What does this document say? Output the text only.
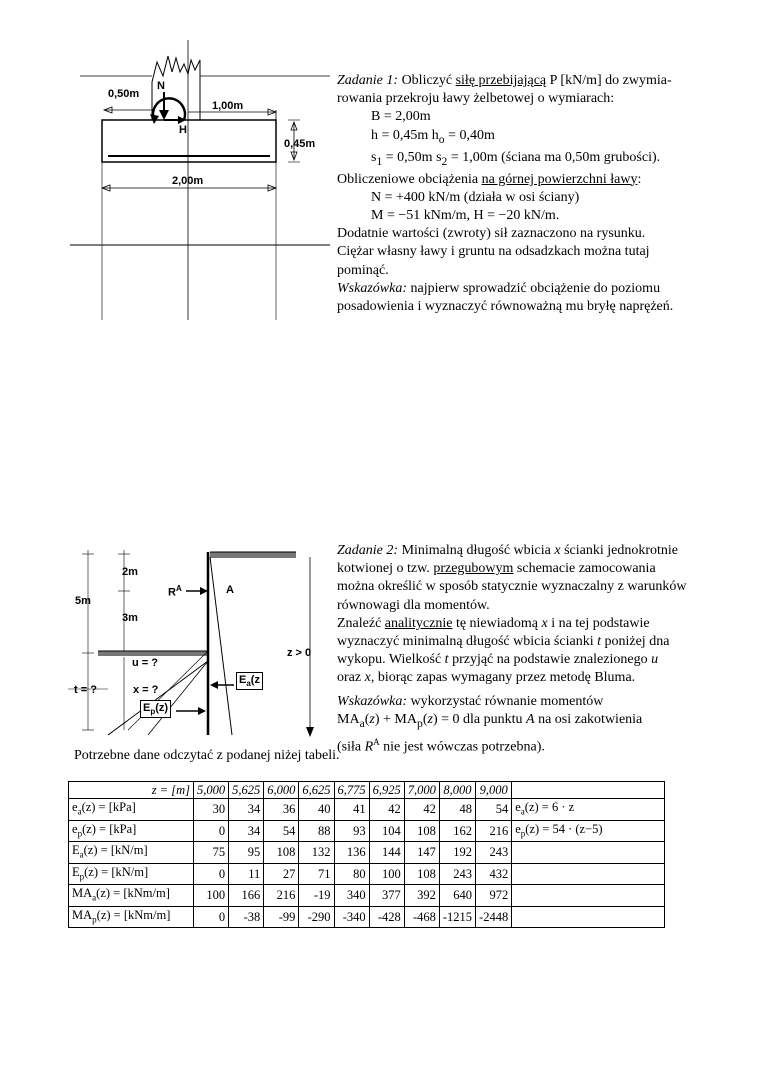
0,50m
1,00m
0,45m
2,00m
N
H
Zadanie 1: Obliczyć siłę przebijającą P [kN/m] do zwymia-
rowania przekroju ławy żelbetowej o wymiarach:
B = 2,00m
h = 0,45m $h_o = 0,40m$
$s_1 = 0,50m$ $s_2 = 1,00m$ (ściana ma 0,50m grubości).
Obliczeniowe obciążenia na górnej powierzchni ławy:
N = +400 kN/m (działa w osi ściany)
M = −51 kNm/m, H = −20 kN/m.
Dodatnie wartości (zwroty) sił zaznaczono na rysunku.
Ciężar własny ławy i gruntu na odsadzkach można tutaj
pominąć.
Wskazówka: najpierw sprowadzić obciążenie do poziomu
posadowienia i wyznaczyć równoważną mu bryłę naprężeń.
2m
5m
3m
$R^A$	A
z > 0
u = ?
t = ?	x = ?
$E_a(z$
$E_p(z)$
Zadanie 2: Minimalną długość wbicia x ścianki jednokrotnie
kotwionej o tzw. przegubowym schemacie zamocowania
można określić w sposób statycznie wyznaczalny z warunków
równowagi dla momentów.
Znaleźć analitycznie tę niewiadomą x i na tej podstawie
wyznaczyć minimalną długość wbicia ścianki t poniżej dna
wykopu. Wielkość t przyjąć na podstawie znalezionego u
oraz x, biorąc zapas wymagany przez metodę Bluma.
Wskazówka: wykorzystać równanie momentów
$MA_a(z) + MA_p(z) = 0$ dla punktu A na osi zakotwienia
(siła $R^A$ nie jest wówczas potrzebna).
Potrzebne dane odczytać z podanej niżej tabeli.
z = [m]	5,000	5,625	6,000	6,625	6,775	6,925	7,000	8,000	9,000	
$e_a(z) = [kPa]$	30	34	36	40	41	42	42	48	54	$e_a(z) = 6 \cdot z$
$e_p(z) = [kPa]$	0	34	54	88	93	104	108	162	216	$e_p(z) = 54 \cdot (z-5)$
$E_a(z) = [kN/m]$	75	95	108	132	136	144	147	192	243	
$E_p(z) = [kN/m]$	0	11	27	71	80	100	108	243	432	
$MA_a(z) = [kNm/m]$	100	166	216	-19	340	377	392	640	972	
$MA_p(z) = [kNm/m]$	0	-38	-99	-290	-340	-428	-468	-1215	-2448	
